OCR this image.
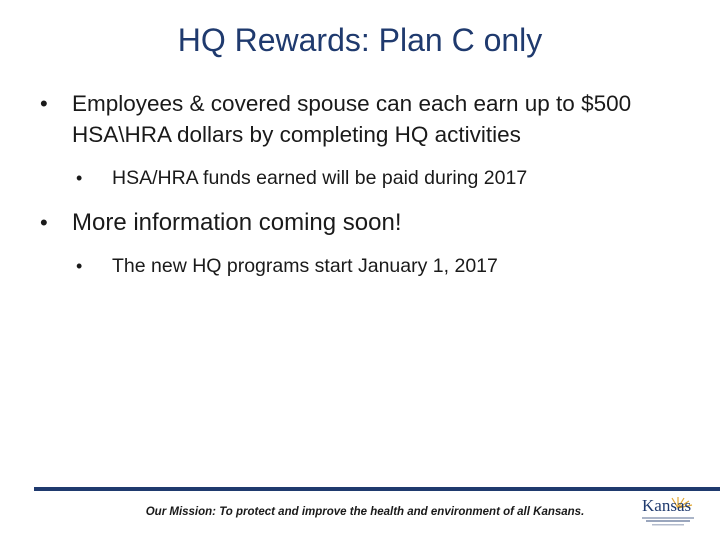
HQ Rewards: Plan C only
• Employees & covered spouse can each earn up to $500 HSA\HRA dollars by completing HQ activities
• HSA/HRA funds earned will be paid during 2017
• More information coming soon!
• The new HQ programs start January 1, 2017
Our Mission: To protect and improve the health and environment of all Kansans.	Kansas
